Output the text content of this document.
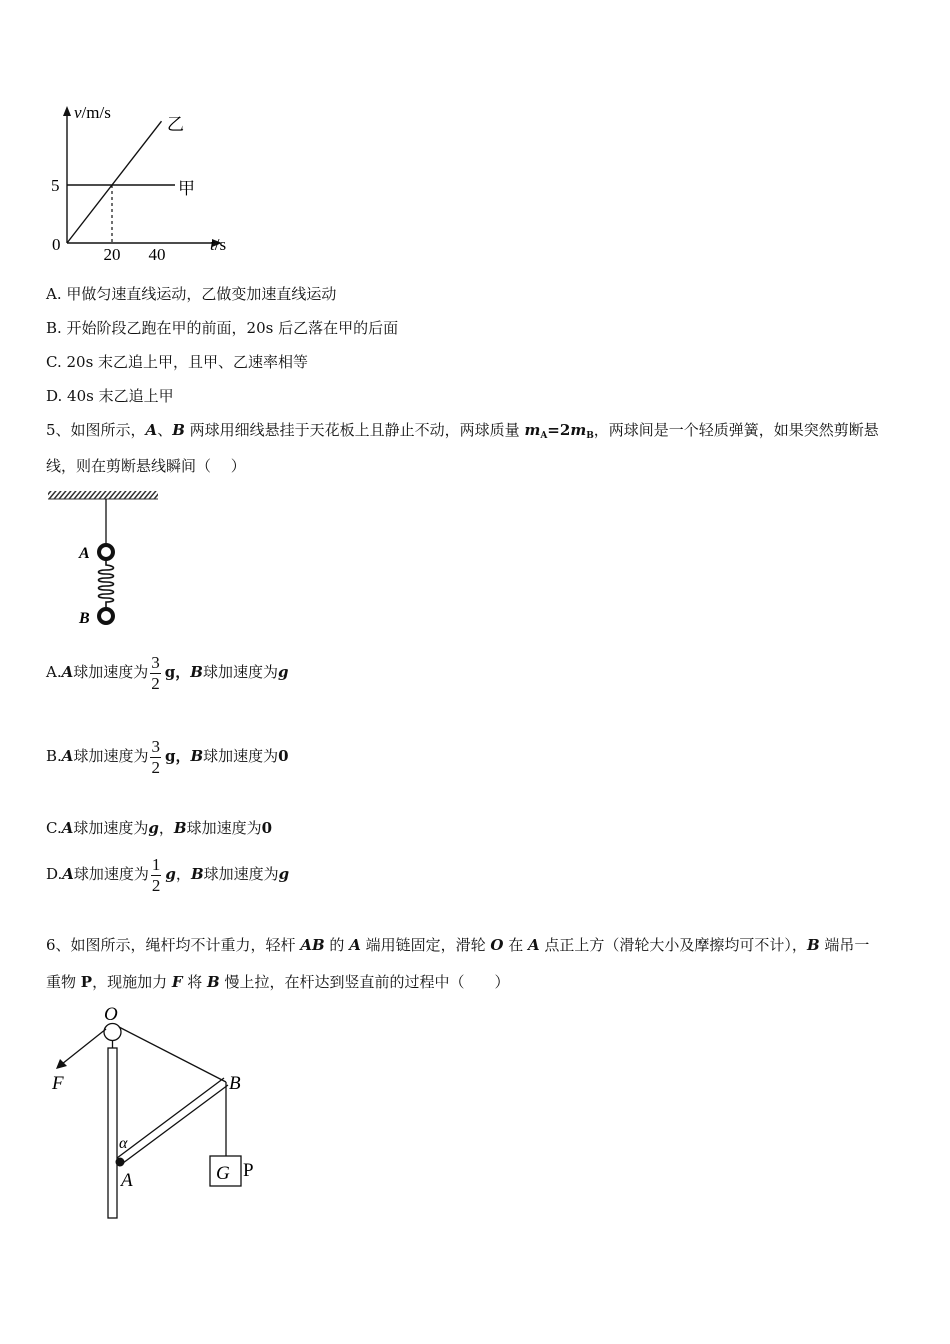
v/m/s
t/s
0
5
20 40
乙
甲
A. 甲做匀速直线运动，乙做变加速直线运动
B. 开始阶段乙跑在甲的前面，20s 后乙落在甲的后面
C. 20s 末乙追上甲，且甲、乙速率相等
D. 40s 末乙追上甲
5、如图所示，A、B 两球用细线悬挂于天花板上且静止不动，两球质量 $m_A=2m_B$，两球间是一个轻质弹簧，如果突然剪断悬
线，则在剪断悬线瞬间（　 ）
A
B
A.A球加速度为 $\frac{3}{2}$ g，B球加速度为g
B.A球加速度为 $\frac{3}{2}$ g，B球加速度为0
C.A球加速度为g，B球加速度为0
D.A球加速度为 $\frac{1}{2}$ g，B球加速度为g
6、如图所示，绳杆均不计重力，轻杆 AB 的 A 端用链固定，滑轮 O 在 A 点正上方（滑轮大小及摩擦均可不计），B 端吊一
重物 P，现施加力 F 将 B 慢上拉，在杆达到竖直前的过程中（　　）
O
F	B
α
A	G P
